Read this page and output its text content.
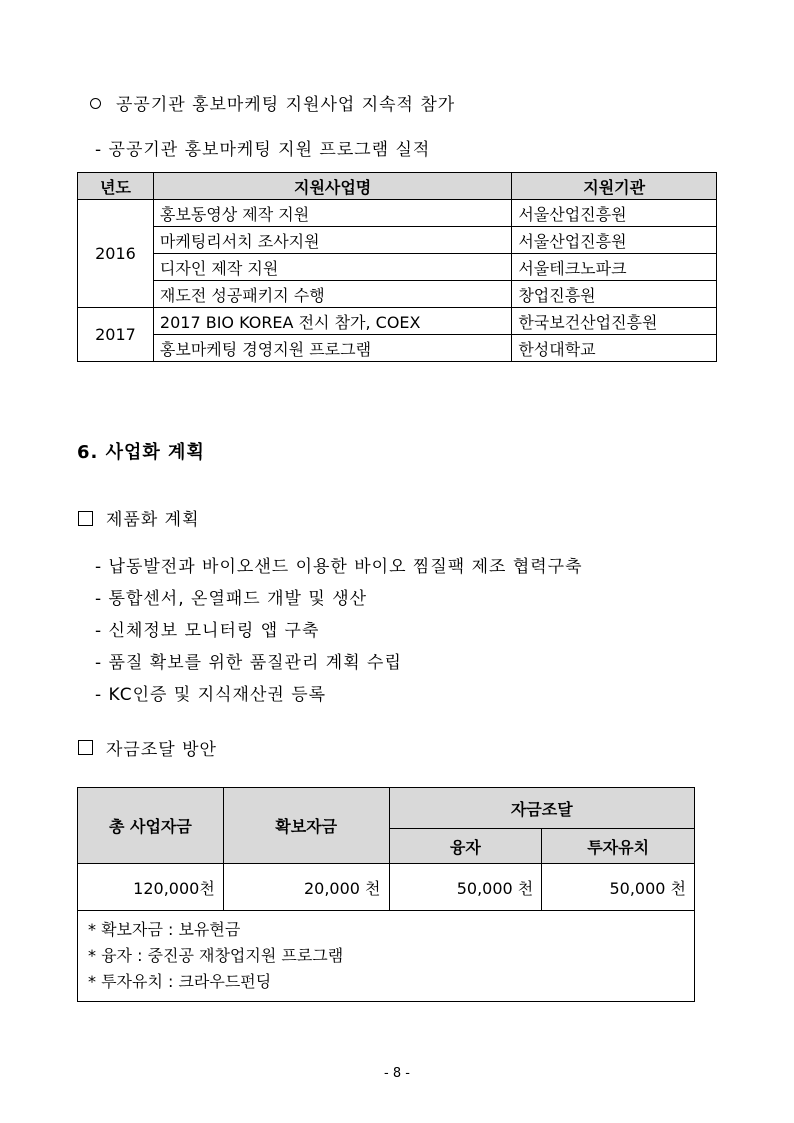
공공기관 홍보마케팅 지원사업 지속적 참가
- 공공기관 홍보마케팅 지원 프로그램 실적
년도	지원사업명	지원기관
2016	홍보동영상 제작 지원	서울산업진흥원
	마케팅리서치 조사지원	서울산업진흥원
	디자인 제작 지원	서울테크노파크
	재도전 성공패키지 수행	창업진흥원
2017	2017 BIO KOREA 전시 참가, COEX	한국보건산업진흥원
	홍보마케팅 경영지원 프로그램	한성대학교
6. 사업화 계획
제품화 계획
- 납동발전과 바이오샌드 이용한 바이오 찜질팩 제조 협력구축
- 통합센서, 온열패드 개발 및 생산
- 신체정보 모니터링 앱 구축
- 품질 확보를 위한 품질관리 계획 수립
- KC인증 및 지식재산권 등록
자금조달 방안
총 사업자금	확보자금	자금조달	
		융자	투자유치
120,000천	20,000 천	50,000 천	50,000 천

* 확보자금 : 보유현금
* 융자 : 중진공 재창업지원 프로그램
* 투자유치 : 크라우드펀딩			
- 8 -
